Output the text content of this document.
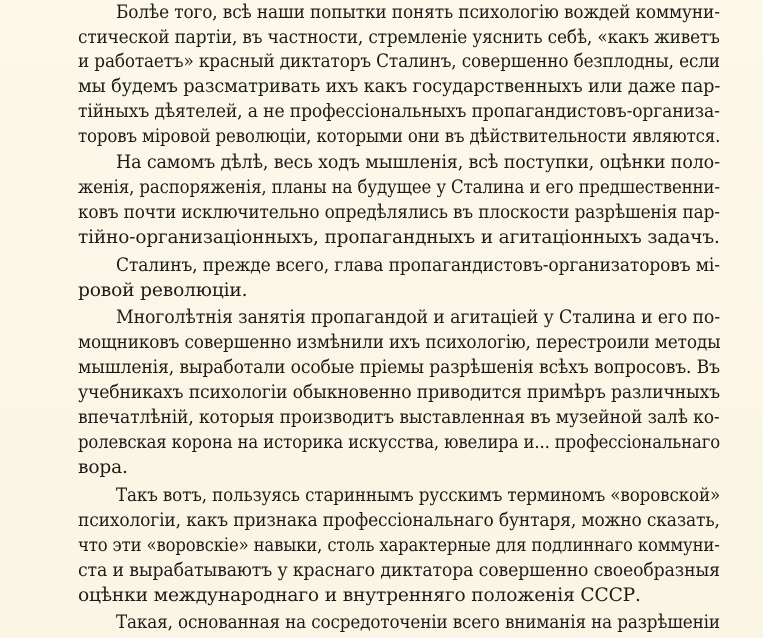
Болѣе того, всѣ наши попытки понять психологію вождей коммуни-
стической партіи, въ частности, стремленіе уяснить себѣ, «какъ живетъ
и работаетъ» красный диктаторъ Сталинъ, совершенно безплодны, если
мы будемъ разсматривать ихъ какъ государственныхъ или даже пар-
тійныхъ дѣятелей, а не профессіональныхъ пропагандистовъ-организа-
торовъ міровой революціи, которыми они въ дѣйствительности являются.
На самомъ дѣлѣ, весь ходъ мышленія, всѣ поступки, оцѣнки поло-
женія, распоряженія, планы на будущее у Сталина и его предшественни-
ковъ почти исключительно опредѣлялись въ плоскости разрѣшенія пар-
тійно-организаціонныхъ, пропагандныхъ и агитаціонныхъ задачъ.
Сталинъ, прежде всего, глава пропагандистовъ-организаторовъ мі-
ровой революціи.
Многолѣтнія занятія пропагандой и агитаціей у Сталина и его по-
мощниковъ совершенно измѣнили ихъ психологію, перестроили методы
мышленія, выработали особые пріемы разрѣшенія всѣхъ вопросовъ. Въ
учебникахъ психологіи обыкновенно приводится примѣръ различныхъ
впечатлѣній, которыя производитъ выставленная въ музейной залѣ ко-
ролевская корона на историка искусства, ювелира и... профессіональнаго
вора.
Такъ вотъ, пользуясь стариннымъ русскимъ терминомъ «воровской»
психологіи, какъ признака профессіональнаго бунтаря, можно сказать,
что эти «воровскіе» навыки, столь характерные для подлиннаго коммуни-
ста и вырабатываютъ у краснаго диктатора совершенно своеобразныя
оцѣнки международнаго и внутренняго положенія СССР.
Такая, основанная на сосредоточеніи всего вниманія на разрѣшеніи
